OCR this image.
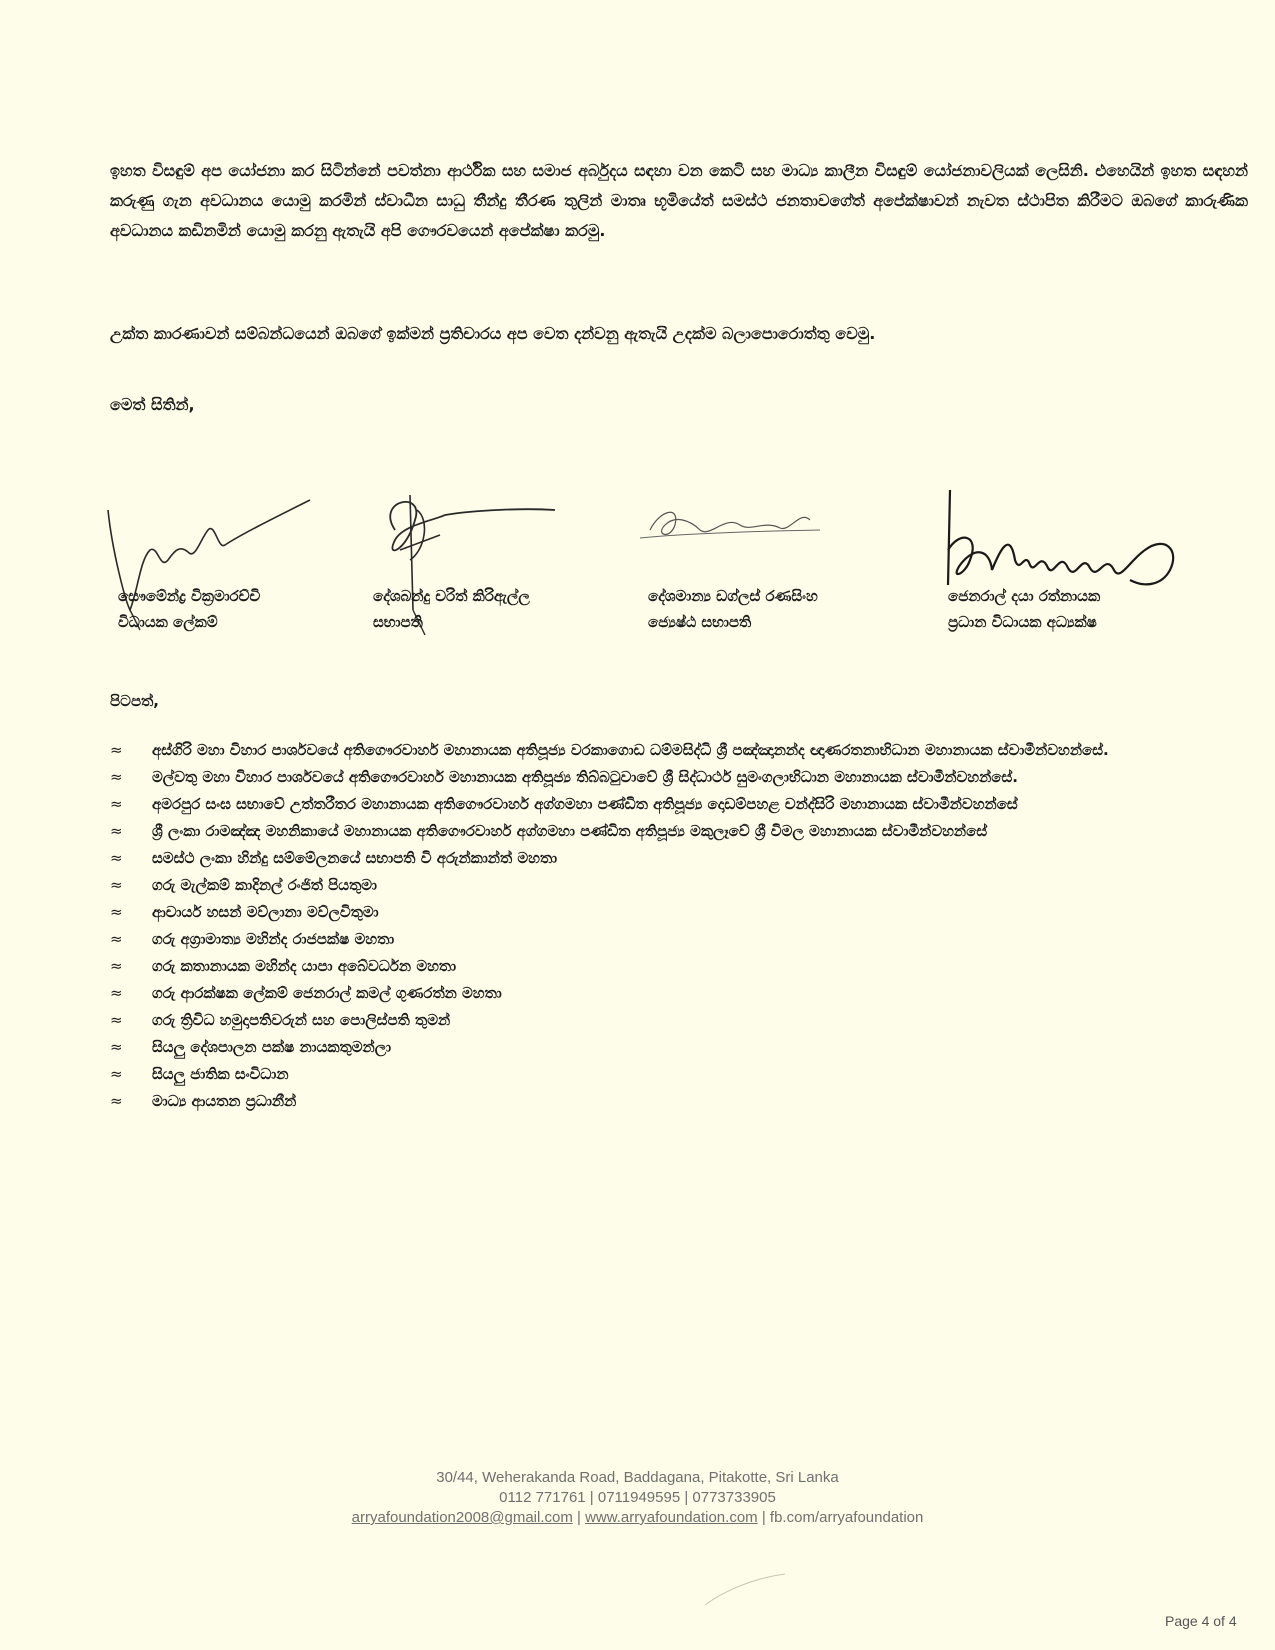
ඉහත විසඳුම් අප යෝජනා කර සිටින්නේ පවත්නා ආර්ථික සහ සමාජ අර්බුදය සඳහා වන කෙටි සහ මාධ්‍ය කාලීන විසඳුම් යෝජනාවලියක් ලෙසිනි. එහෙයින් ඉහත සඳහන් කරුණු ගැන අවධානය යොමු කරමින් ස්වාධීන සාධු තීන්දු තීරණ තුලින් මාතෘ භූමියේත් සමස්ථ ජනතාවගේත් අපේක්ෂාවන් නැවත ස්ථාපිත කිරීමට ඔබගේ කාරුණික අවධානය කඩිනමින් යොමු කරනු ඇතැයි අපි ගෞරවයෙන් අපේක්ෂා කරමු.

උක්ත කාරණාවන් සම්බන්ධයෙන් ඔබගේ ඉක්මන් ප්‍රතිචාරය අප වෙත දන්වනු ඇතැයි උදක්ම බලාපොරොත්තු වෙමු.

මෙත් සිතින්,
සෞමේන්ද්‍ර වික්‍රමාරච්චි
විධායක ලේකම්
දේශබන්දු චරිත් කිරිඇල්ල
සභාපති
දේශමාන්‍ය ඩග්ලස් රණසිංහ
ජ්‍යෙෂ්ඨ සභාපති
ජෙනරාල් දයා රත්නායක
ප්‍රධාන විධායක අධ්‍යක්ෂ
පිටපත්,
≈ අස්ගිරි මහා විහාර පාර්ශවයේ අතිගෞරවාර්හ මහානායක අතිපූජ්‍ය වරකාගොඩ ධම්මසිද්ධි ශ්‍රී පඤ්ඤානන්ද ඥාණරතනාභිධාන මහානායක ස්වාමීන්වහන්සේ.
≈ මල්වතු මහා විහාර පාර්ශවයේ අතිගෞරවාර්හ මහානායක අතිපූජ්‍ය තිබ්බටුවාවේ ශ්‍රී සිද්ධාර්ථ සුමංගලාභිධාන මහානායක ස්වාමීන්වහන්සේ.
≈ අමරපුර සංඝ සභාවේ උත්තරීතර මහානායක අතිගෞරවාර්හ අග්ගමහා පණ්ඩිත අතිපූජ්‍ය දොඩම්පහළ චන්ද්සිරි මහානායක ස්වාමීන්වහන්සේ
≈ ශ්‍රී ලංකා රාමඤ්ඤ මහනිකායේ මහානායක අතිගෞරවාර්හ අග්ගමහා පණ්ඩිත අතිපූජ්‍ය මකුලෑවේ ශ්‍රී විමල මහානායක ස්වාමීන්වහන්සේ
≈ සමස්ථ ලංකා හින්දු සම්මේලනයේ සභාපති වි අරුන්කාන්ත් මහතා
≈ ගරු මැල්කම් කාදිනල් රංජිත් පියතුමා
≈ ආචාර්ය හසන් මව්ලානා මව්ලවිතුමා
≈ ගරු අග්‍රාමාත්‍ය මහින්ද රාජපක්ෂ මහතා
≈ ගරු කතානායක මහින්ද යාපා අබේවර්ධන මහතා
≈ ගරු ආරක්ෂක ලේකම් ජෙනරාල් කමල් ගුණරත්න මහතා
≈ ගරු ත්‍රිවිධ හමුදාපතිවරුන් සහ පොලිස්පති තුමන්
≈ සියලු දේශපාලන පක්ෂ නායකතුමන්ලා
≈ සියලු ජාතික සංවිධාන
≈ මාධ්‍ය ආයතන ප්‍රධානීන්
30/44, Weherakanda Road, Baddagana, Pitakotte, Sri Lanka
0112 771761 | 0711949595 | 0773733905
arryafoundation2008@gmail.com | www.arryafoundation.com | fb.com/arryafoundation
Page 4 of 4
